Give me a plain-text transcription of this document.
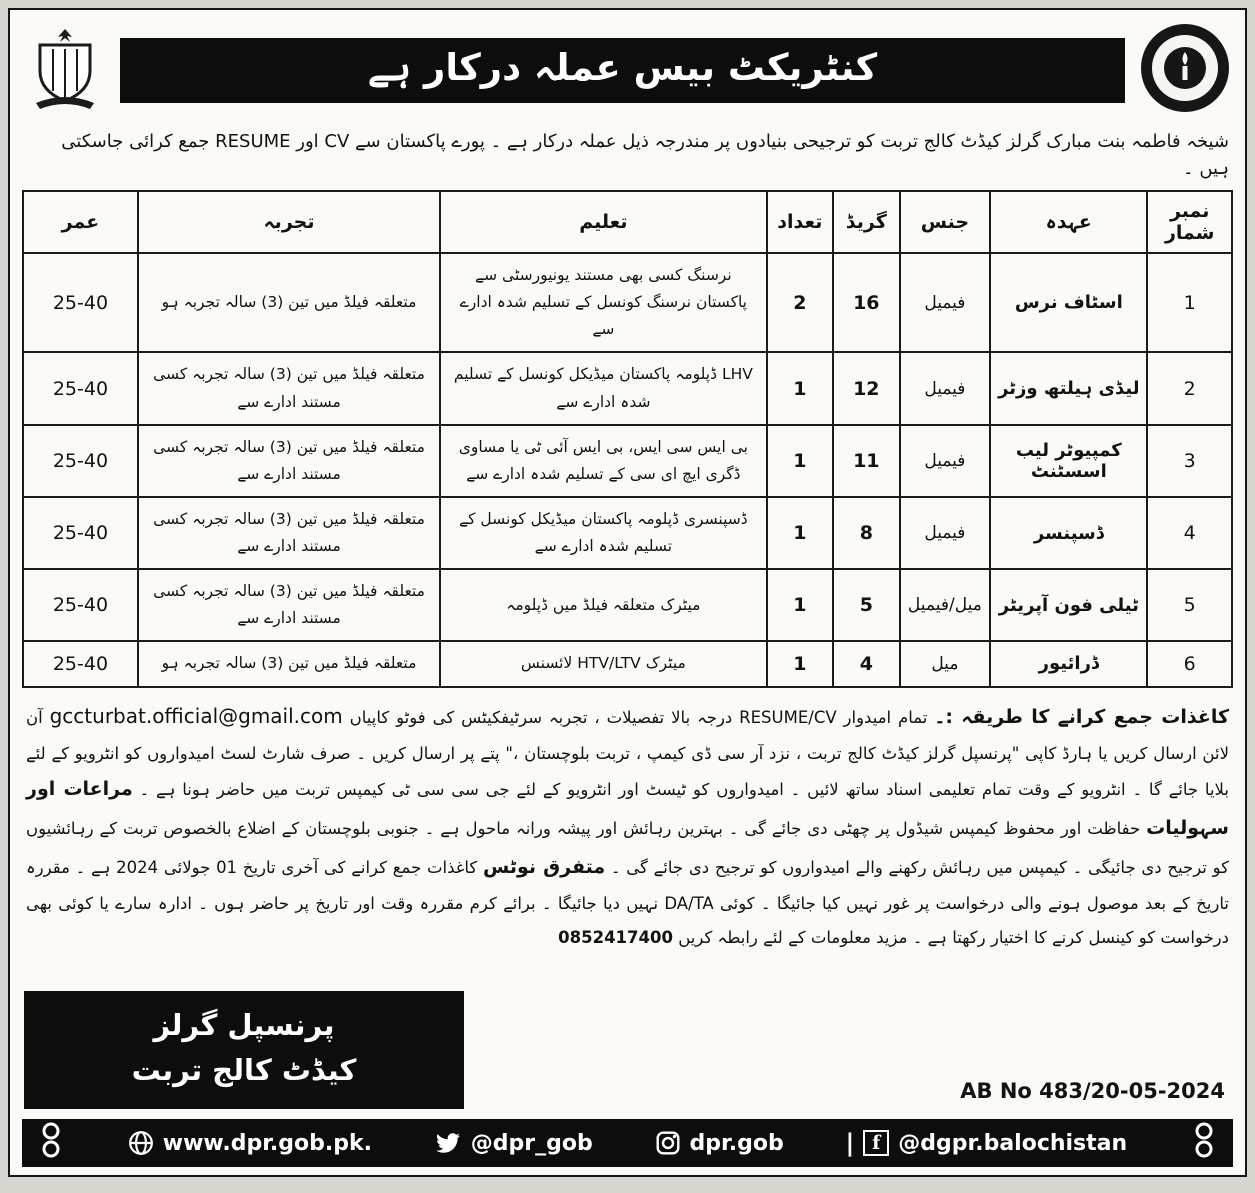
کنٹریکٹ بیس عملہ درکار ہے
شیخہ فاطمہ بنت مبارک گرلز کیڈٹ کالج تربت کو ترجیحی بنیادوں پر مندرجہ ذیل عملہ درکار ہے ۔ پورے پاکستان سے CV اور RESUME جمع کرائی جاسکتی ہیں ۔
نمبر شمار	عہدہ	جنس	گریڈ	تعداد	تعلیم	تجربہ	عمر
1	اسٹاف نرس	فیمیل	16	2	نرسنگ کسی بھی مستند یونیورسٹی سے پاکستان نرسنگ کونسل کے تسلیم شدہ ادارے سے	متعلقہ فیلڈ میں تین (3) سالہ تجربہ ہو	25-40
2	لیڈی ہیلتھ وزٹر	فیمیل	12	1	LHV ڈپلومہ پاکستان میڈیکل کونسل کے تسلیم شدہ ادارے سے	متعلقہ فیلڈ میں تین (3) سالہ تجربہ کسی مستند ادارے سے	25-40
3	کمپیوٹر لیب اسسٹنٹ	فیمیل	11	1	بی ایس سی ایس، بی ایس آئی ٹی یا مساوی ڈگری ایچ ای سی کے تسلیم شدہ ادارے سے	متعلقہ فیلڈ میں تین (3) سالہ تجربہ کسی مستند ادارے سے	25-40
4	ڈسپنسر	فیمیل	8	1	ڈسپنسری ڈپلومہ پاکستان میڈیکل کونسل کے تسلیم شدہ ادارے سے	متعلقہ فیلڈ میں تین (3) سالہ تجربہ کسی مستند ادارے سے	25-40
5	ٹیلی فون آپریٹر	میل/فیمیل	5	1	میٹرک متعلقہ فیلڈ میں ڈپلومہ	متعلقہ فیلڈ میں تین (3) سالہ تجربہ کسی مستند ادارے سے	25-40
6	ڈرائیور	میل	4	1	میٹرک HTV/LTV لائسنس	متعلقہ فیلڈ میں تین (3) سالہ تجربہ ہو	25-40
کاغذات جمع کرانے کا طریقہ :۔ تمام امیدوار RESUME/CV درجہ بالا تفصیلات ، تجربہ سرٹیفکیٹس کی فوٹو کاپیاں gccturbat.official@gmail.com آن لائن ارسال کریں یا ہارڈ کاپی "پرنسپل گرلز کیڈٹ کالج تربت ، نزد آر سی ڈی کیمپ ، تربت بلوچستان ،" پتے پر ارسال کریں ۔ صرف شارٹ لسٹ امیدواروں کو انٹرویو کے لئے بلایا جائے گا ۔ انٹرویو کے وقت تمام تعلیمی اسناد ساتھ لائیں ۔ امیدواروں کو ٹیسٹ اور انٹرویو کے لئے جی سی سی ٹی کیمپس تربت میں حاضر ہونا ہے ۔ مراعات اور سہولیات حفاظت اور محفوظ کیمپس شیڈول پر چھٹی دی جائے گی ۔ بہترین رہائش اور پیشہ ورانہ ماحول ہے ۔ جنوبی بلوچستان کے اضلاع بالخصوص تربت کے رہائشیوں کو ترجیح دی جائیگی ۔ کیمپس میں رہائش رکھنے والے امیدواروں کو ترجیح دی جائے گی ۔ متفرق نوٹس کاغذات جمع کرانے کی آخری تاریخ 01 جولائی 2024 ہے ۔ مقررہ تاریخ کے بعد موصول ہونے والی درخواست پر غور نہیں کیا جائیگا ۔ کوئی DA/TA نہیں دیا جائیگا ۔ برائے کرم مقررہ وقت اور تاریخ پر حاضر ہوں ۔ ادارہ سارے یا کوئی بھی درخواست کو کینسل کرنے کا اختیار رکھتا ہے ۔ مزید معلومات کے لئے رابطہ کریں 0852417400
پرنسپل گرلز
کیڈٹ کالج تربت
AB No 483/20-05-2024
www.dpr.gob.pk.	@dpr_gob	dpr.gob	| f @dgpr.balochistan
